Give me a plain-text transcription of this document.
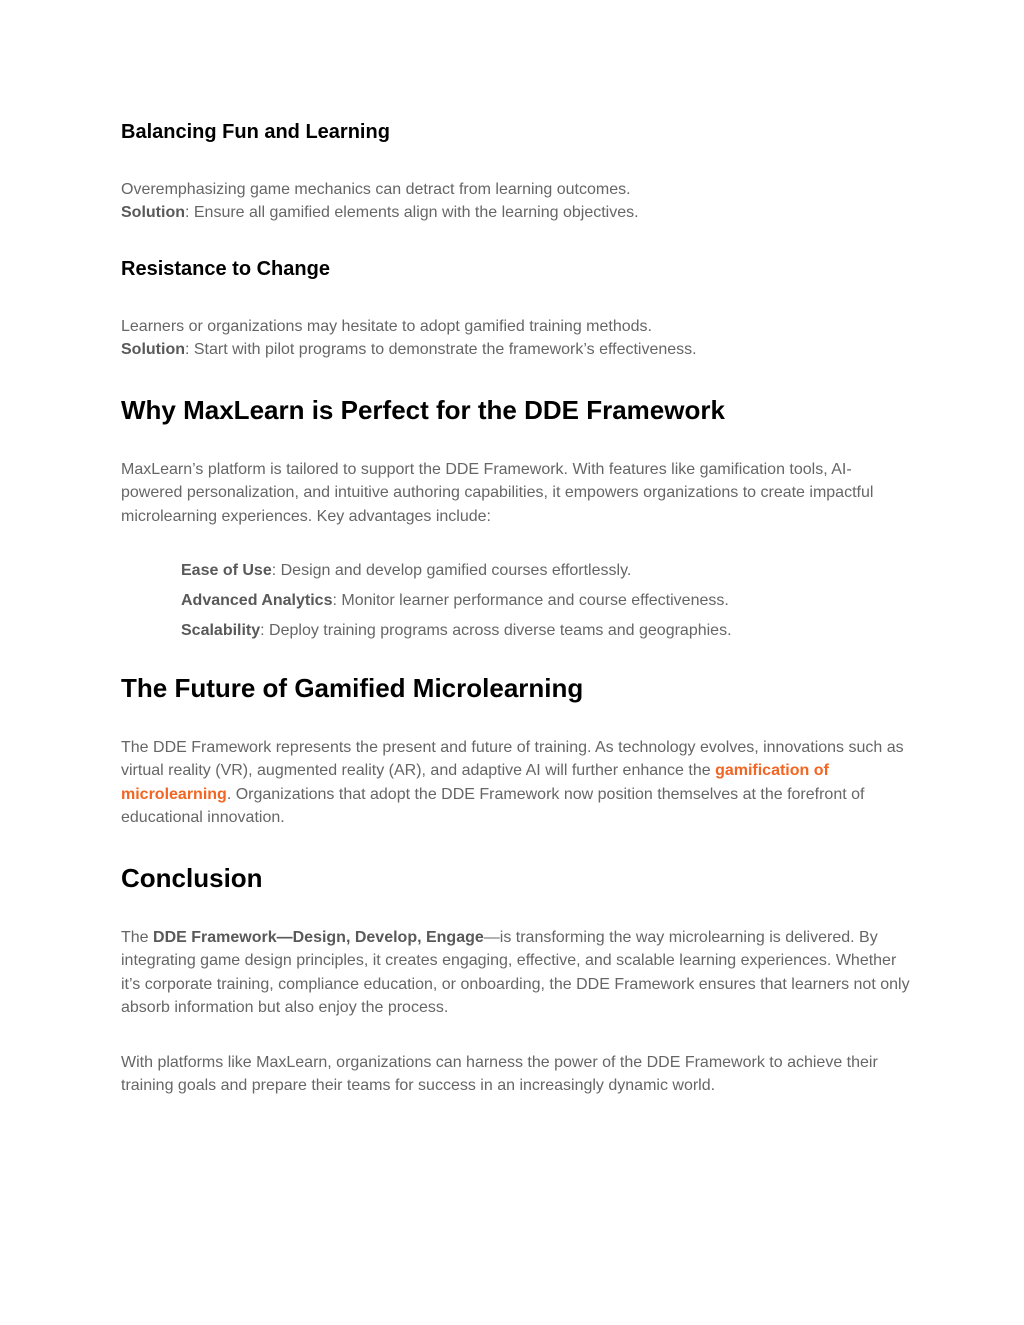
Balancing Fun and Learning

Overemphasizing game mechanics can detract from learning outcomes.
Solution: Ensure all gamified elements align with the learning objectives.

Resistance to Change

Learners or organizations may hesitate to adopt gamified training methods.
Solution: Start with pilot programs to demonstrate the framework’s effectiveness.

Why MaxLearn is Perfect for the DDE Framework

MaxLearn’s platform is tailored to support the DDE Framework. With features like gamification tools, AI-powered personalization, and intuitive authoring capabilities, it empowers organizations to create impactful microlearning experiences. Key advantages include:

Ease of Use: Design and develop gamified courses effortlessly.
Advanced Analytics: Monitor learner performance and course effectiveness.
Scalability: Deploy training programs across diverse teams and geographies.
The Future of Gamified Microlearning

The DDE Framework represents the present and future of training. As technology evolves, innovations such as virtual reality (VR), augmented reality (AR), and adaptive AI will further enhance the gamification of microlearning. Organizations that adopt the DDE Framework now position themselves at the forefront of educational innovation.

Conclusion

The DDE Framework—Design, Develop, Engage—is transforming the way microlearning is delivered. By integrating game design principles, it creates engaging, effective, and scalable learning experiences. Whether it’s corporate training, compliance education, or onboarding, the DDE Framework ensures that learners not only absorb information but also enjoy the process.

With platforms like MaxLearn, organizations can harness the power of the DDE Framework to achieve their training goals and prepare their teams for success in an increasingly dynamic world.
